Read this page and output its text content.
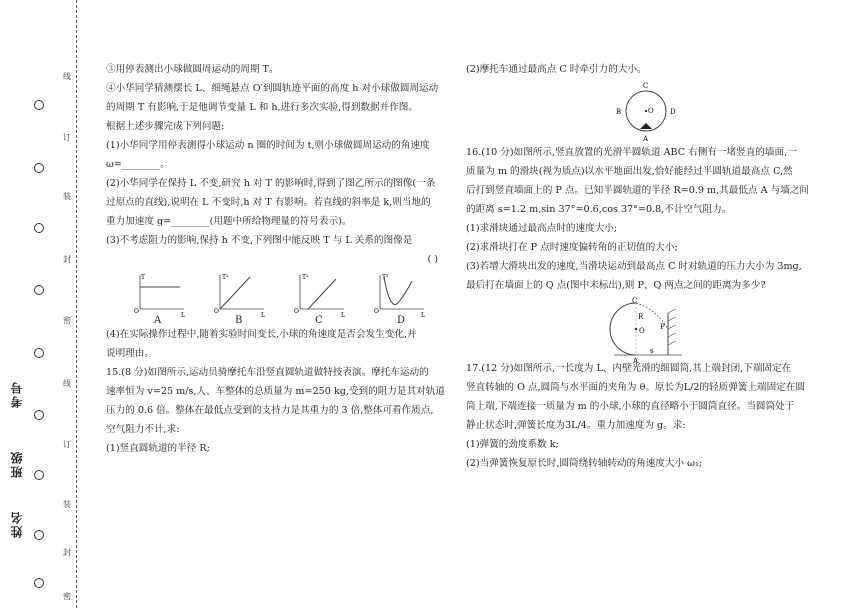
线
订
装
封
密
线
订
装
封
密
考号
班级
姓名

③用停表测出小球做圆周运动的周期 T。

④小华同学猜测摆长 L、细绳悬点 O′到圆轨迹平面的高度 h 对小球做圆周运动

的周期 T 有影响,于是他调节变量 L 和 h,进行多次实验,得到数据并作图。

根据上述步骤完成下列问题:

(1)小华同学用停表测得小球运动 n 圈的时间为 t,则小球做圆周运动的角速度

ω=________。

(2)小华同学在保持 L 不变,研究 h 对 T 的影响时,得到了图乙所示的图像(一条

过原点的直线),说明在 L 不变时,h 对 T 有影响。若直线的斜率是 k,则当地的

重力加速度 g=________(用题中所给物理量的符号表示)。

(3)不考虑阻力的影响,保持 h 不变,下列图中能反映 T 与 L 关系的图像是

( )

O
L
T
O
L
T²
O
L
T²
O
L
T²
A	B	C	D

(4)在实际操作过程中,随着实验时间变长,小球的角速度是否会发生变化,并

说明理由。

15.(8 分)如图所示,运动员骑摩托车沿竖直圆轨道做特技表演。摩托车运动的

速率恒为 v=25 m/s,人、车整体的总质量为 m=250 kg,受到的阻力是其对轨道

压力的 0.6 倍。整体在最低点受到的支持力是其重力的 3 倍,整体可看作质点,

空气阻力不计,求:

(1)竖直圆轨道的半径 R;

(2)摩托车通过最高点 C 时牵引力的大小。

C
B	O D
A

16.(10 分)如图所示,竖直放置的光滑半圆轨道 ABC 右侧有一堵竖直的墙面,一

质量为 m 的滑块(视为质点)以水平地面出发,恰好能经过半圆轨道最高点 C,然

后打到竖直墙面上的 P 点。已知半圆轨道的半径 R=0.9 m,其最低点 A 与墙之间

的距离 s=1.2 m,sin 37°=0.6,cos 37°=0.8,不计空气阻力。

(1)求滑块通过最高点时的速度大小;

(2)求滑块打在 P 点时速度偏转角的正切值的大小;

(3)若增大滑块出发的速度,当滑块运动到最高点 C 时对轨道的压力大小为 3mg,

最后打在墙面上的 Q 点(图中未标出),则 P、Q 两点之间的距离为多少?

C
R
O
A
P
s

17.(12 分)如图所示,一长度为 L、内壁光滑的细圆筒,其上端封闭,下端固定在

竖直转轴的 O 点,圆筒与水平面的夹角为 θ。原长为L/2的轻质弹簧上端固定在圆

筒上端,下端连接一质量为 m 的小球,小球的直径略小于圆筒直径。当圆筒处于

静止状态时,弹簧长度为3L/4。重力加速度为 g。求:

(1)弹簧的劲度系数 k;

(2)当弹簧恢复原长时,圆筒绕转轴转动的角速度大小 ω₁;
